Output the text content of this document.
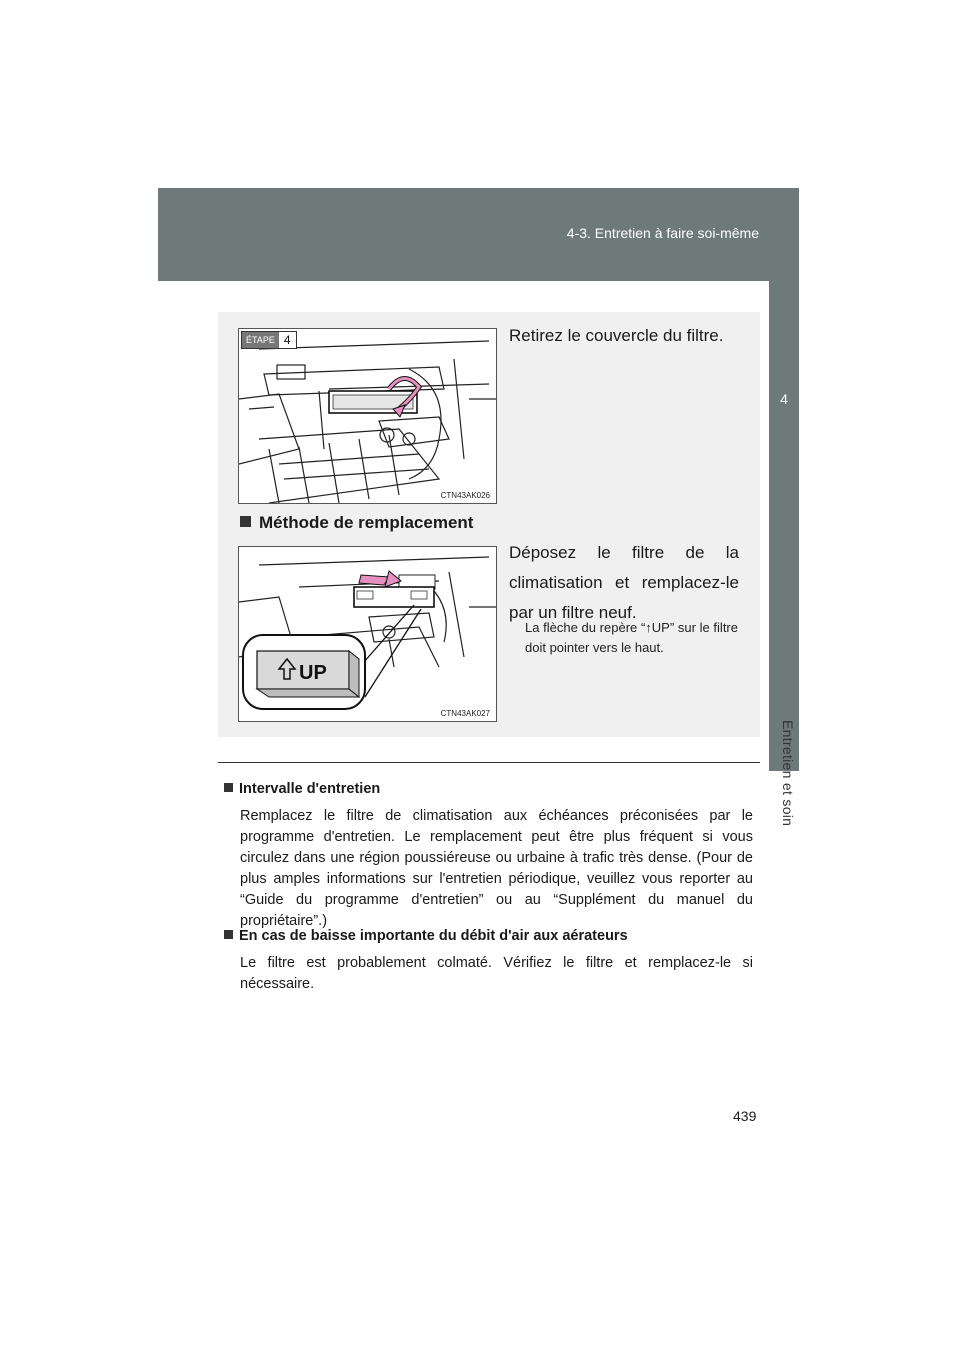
4-3. Entretien à faire soi-même
4
Entretien et soin
ÉTAPE 4
CTN43AK026
Retirez le couvercle du filtre.
Méthode de remplacement
UP
CTN43AK027
Déposez le filtre de la climatisation et remplacez-le par un filtre neuf.
La flèche du repère “↑UP” sur le filtre doit pointer vers le haut.
Intervalle d'entretien
Remplacez le filtre de climatisation aux échéances préconisées par le programme d'entretien. Le remplacement peut être plus fréquent si vous circulez dans une région poussiéreuse ou urbaine à trafic très dense. (Pour de plus amples informations sur l'entretien périodique, veuillez vous reporter au “Guide du programme d'entretien” ou au “Supplément du manuel du propriétaire”.)
En cas de baisse importante du débit d'air aux aérateurs
Le filtre est probablement colmaté. Vérifiez le filtre et remplacez-le si nécessaire.
439
